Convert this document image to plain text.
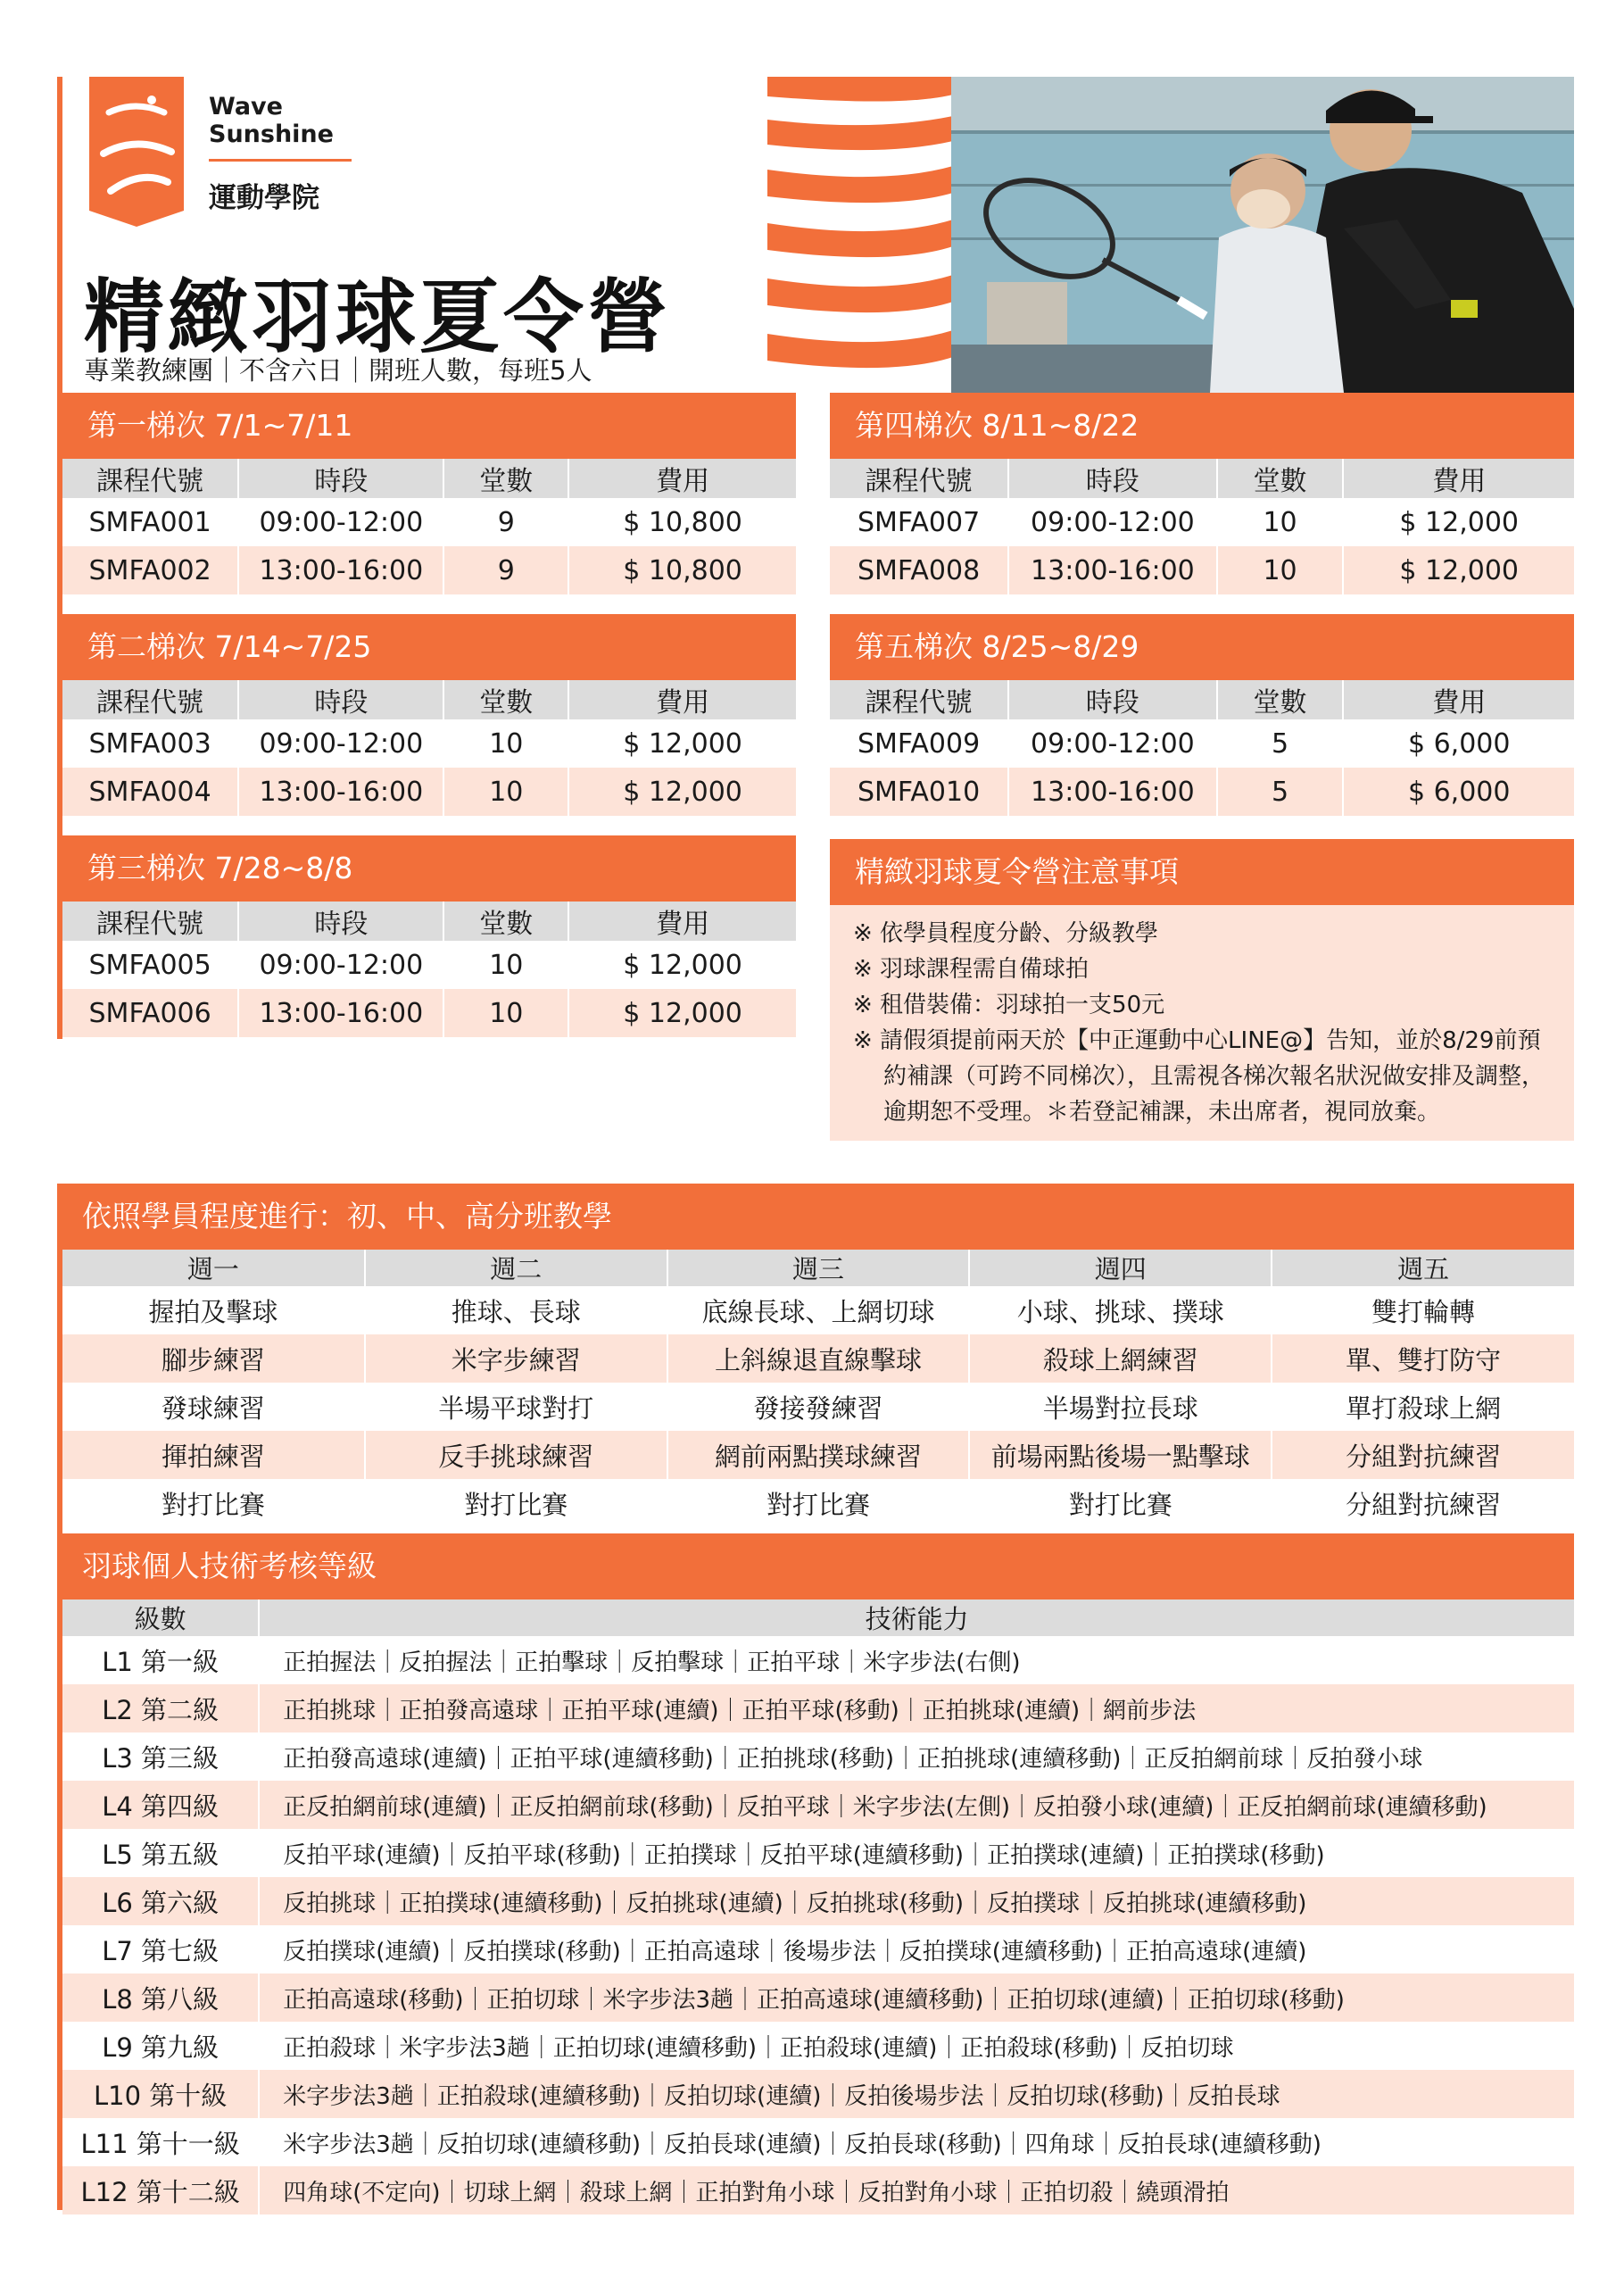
Wave
Sunshine
運動學院
精緻羽球夏令營
專業教練團｜不含六日｜開班人數，每班5人
第一梯次 7/1~7/11
課程代號	時段	堂數	費用
SMFA001	09:00-12:00	9	$ 10,800
SMFA002	13:00-16:00	9	$ 10,800
第二梯次 7/14~7/25
課程代號	時段	堂數	費用
SMFA003	09:00-12:00	10	$ 12,000
SMFA004	13:00-16:00	10	$ 12,000
第三梯次 7/28~8/8
課程代號	時段	堂數	費用
SMFA005	09:00-12:00	10	$ 12,000
SMFA006	13:00-16:00	10	$ 12,000
第四梯次 8/11~8/22
課程代號	時段	堂數	費用
SMFA007	09:00-12:00	10	$ 12,000
SMFA008	13:00-16:00	10	$ 12,000
第五梯次 8/25~8/29
課程代號	時段	堂數	費用
SMFA009	09:00-12:00	5	$ 6,000
SMFA010	13:00-16:00	5	$ 6,000
精緻羽球夏令營注意事項
※ 依學員程度分齡、分級教學
※ 羽球課程需自備球拍
※ 租借裝備：羽球拍一支50元
※ 請假須提前兩天於【中正運動中心LINE@】告知，並於8/29前預約補課（可跨不同梯次），且需視各梯次報名狀況做安排及調整，逾期恕不受理。＊若登記補課，未出席者，視同放棄。
依照學員程度進行：初、中、高分班教學
週一	週二	週三	週四	週五
握拍及擊球	推球、長球	底線長球、上網切球	小球、挑球、撲球	雙打輪轉
腳步練習	米字步練習	上斜線退直線擊球	殺球上網練習	單、雙打防守
發球練習	半場平球對打	發接發練習	半場對拉長球	單打殺球上網
揮拍練習	反手挑球練習	網前兩點撲球練習	前場兩點後場一點擊球	分組對抗練習
對打比賽	對打比賽	對打比賽	對打比賽	分組對抗練習
羽球個人技術考核等級
級數	技術能力
L1 第一級	正拍握法｜反拍握法｜正拍擊球｜反拍擊球｜正拍平球｜米字步法(右側)
L2 第二級	正拍挑球｜正拍發高遠球｜正拍平球(連續)｜正拍平球(移動)｜正拍挑球(連續)｜網前步法
L3 第三級	正拍發高遠球(連續)｜正拍平球(連續移動)｜正拍挑球(移動)｜正拍挑球(連續移動)｜正反拍網前球｜反拍發小球
L4 第四級	正反拍網前球(連續)｜正反拍網前球(移動)｜反拍平球｜米字步法(左側)｜反拍發小球(連續)｜正反拍網前球(連續移動)
L5 第五級	反拍平球(連續)｜反拍平球(移動)｜正拍撲球｜反拍平球(連續移動)｜正拍撲球(連續)｜正拍撲球(移動)
L6 第六級	反拍挑球｜正拍撲球(連續移動)｜反拍挑球(連續)｜反拍挑球(移動)｜反拍撲球｜反拍挑球(連續移動)
L7 第七級	反拍撲球(連續)｜反拍撲球(移動)｜正拍高遠球｜後場步法｜反拍撲球(連續移動)｜正拍高遠球(連續)
L8 第八級	正拍高遠球(移動)｜正拍切球｜米字步法3趟｜正拍高遠球(連續移動)｜正拍切球(連續)｜正拍切球(移動)
L9 第九級	正拍殺球｜米字步法3趟｜正拍切球(連續移動)｜正拍殺球(連續)｜正拍殺球(移動)｜反拍切球
L10 第十級	米字步法3趟｜正拍殺球(連續移動)｜反拍切球(連續)｜反拍後場步法｜反拍切球(移動)｜反拍長球
L11 第十一級	米字步法3趟｜反拍切球(連續移動)｜反拍長球(連續)｜反拍長球(移動)｜四角球｜反拍長球(連續移動)
L12 第十二級	四角球(不定向)｜切球上網｜殺球上網｜正拍對角小球｜反拍對角小球｜正拍切殺｜繞頭滑拍
